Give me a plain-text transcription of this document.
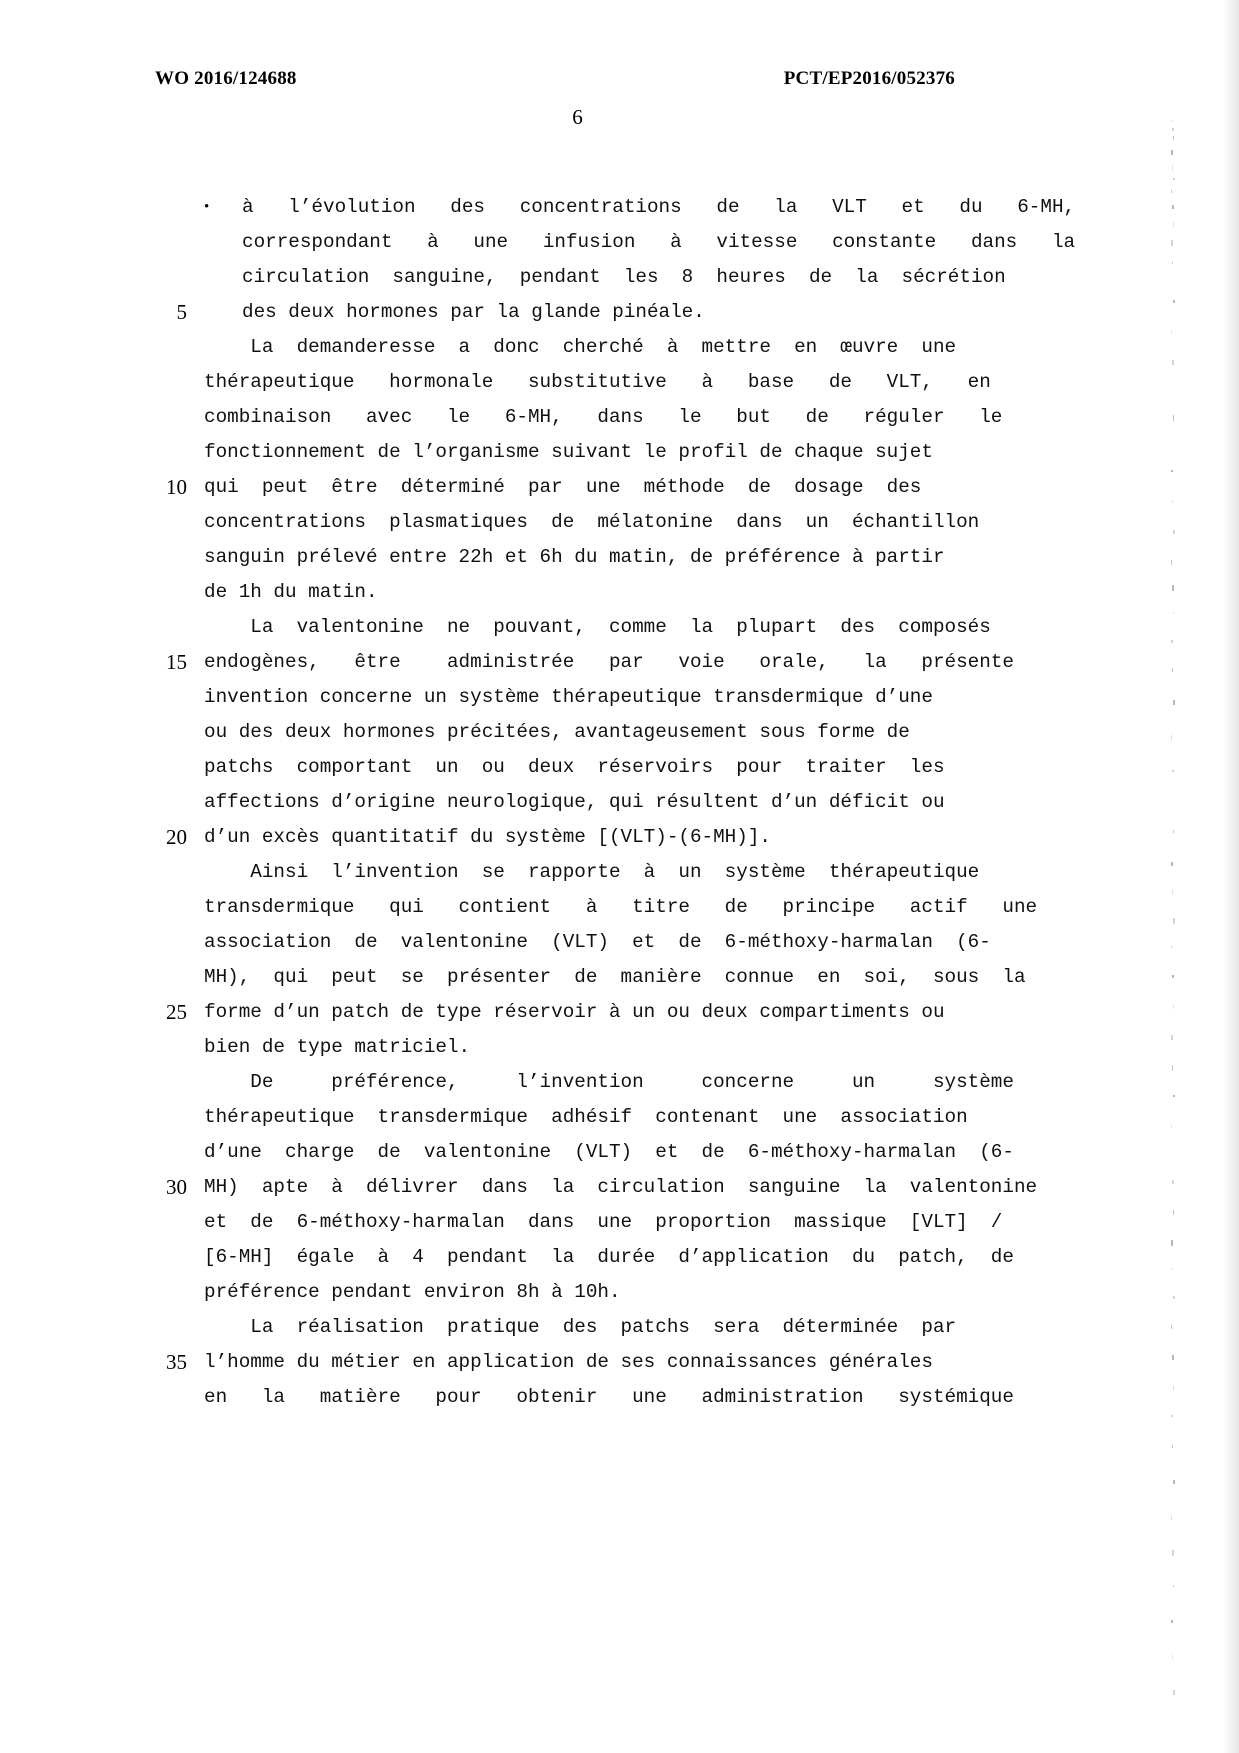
WO 2016/124688	PCT/EP2016/052376
6
•	à   l’évolution   des   concentrations   de   la   VLT   et   du   6-MH,
correspondant   à   une   infusion   à   vitesse   constante   dans   la
circulation  sanguine,  pendant  les  8  heures  de  la  sécrétion
5	des deux hormones par la glande pinéale.
La  demanderesse  a  donc  cherché  à  mettre  en  œuvre  une
thérapeutique   hormonale   substitutive   à   base   de   VLT,   en
combinaison   avec   le   6-MH,   dans   le   but   de   réguler   le
fonctionnement de l’organisme suivant le profil de chaque sujet
10 qui  peut  être  déterminé  par  une  méthode  de  dosage  des
concentrations  plasmatiques  de  mélatonine  dans  un  échantillon
sanguin prélevé entre 22h et 6h du matin, de préférence à partir
de 1h du matin.
La  valentonine  ne  pouvant,  comme  la  plupart  des  composés
15 endogènes,   être    administrée   par   voie   orale,   la   présente
invention concerne un système thérapeutique transdermique d’une
ou des deux hormones précitées, avantageusement sous forme de
patchs  comportant  un  ou  deux  réservoirs  pour  traiter  les
affections d’origine neurologique, qui résultent d’un déficit ou
20 d’un excès quantitatif du système [(VLT)-(6-MH)].
Ainsi  l’invention  se  rapporte  à  un  système  thérapeutique
transdermique   qui   contient   à   titre   de   principe   actif   une
association  de  valentonine  (VLT)  et  de  6-méthoxy-harmalan  (6-
MH),  qui  peut  se  présenter  de  manière  connue  en  soi,  sous  la
25 forme d’un patch de type réservoir à un ou deux compartiments ou
bien de type matriciel.
De     préférence,     l’invention     concerne     un     système
thérapeutique  transdermique  adhésif  contenant  une  association
d’une  charge  de  valentonine  (VLT)  et  de  6-méthoxy-harmalan  (6-
30 MH)  apte  à  délivrer  dans  la  circulation  sanguine  la  valentonine
et  de  6-méthoxy-harmalan  dans  une  proportion  massique  [VLT]  /
[6-MH]  égale  à  4  pendant  la  durée  d’application  du  patch,  de
préférence pendant environ 8h à 10h.
La  réalisation  pratique  des  patchs  sera  déterminée  par
35 l’homme du métier en application de ses connaissances générales
en   la   matière   pour   obtenir   une   administration   systémique
